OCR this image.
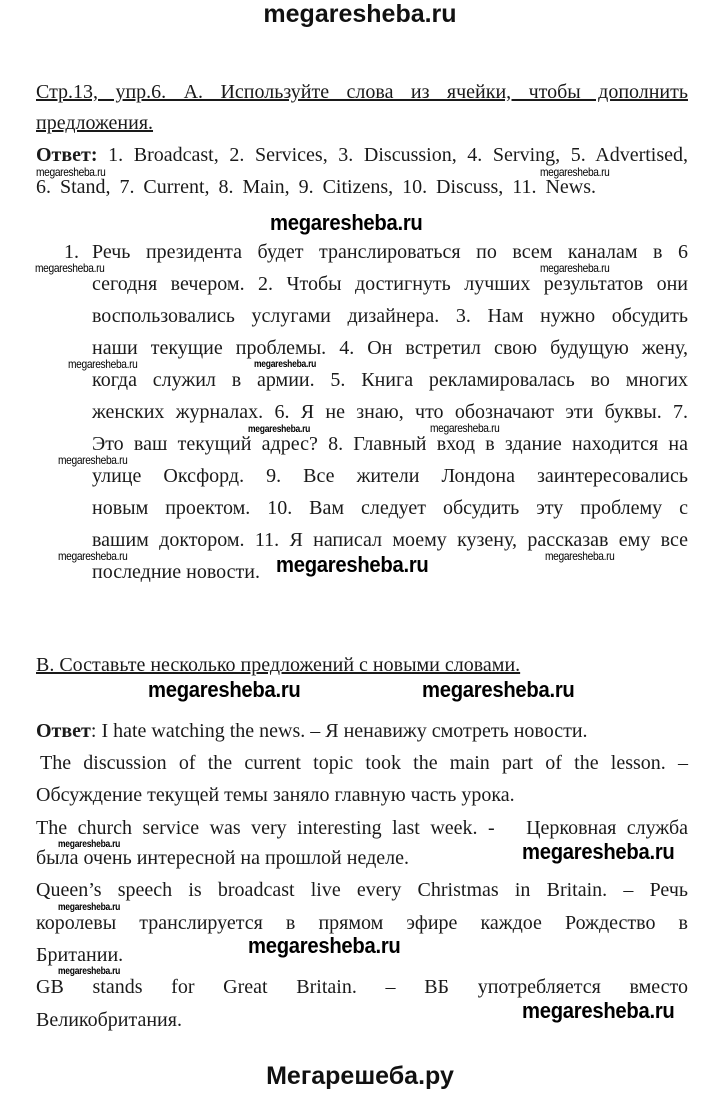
megaresheba.ru
Стр.13, упр.6. А. Используйте слова из ячейки, чтобы дополнить
предложения.
Ответ: 1. Broadcast, 2. Services, 3. Discussion, 4. Serving, 5. Advertised,
6. Stand, 7. Current, 8. Main, 9. Citizens, 10. Discuss, 11. News.
1. Речь президента будет транслироваться по всем каналам в 6
сегодня вечером. 2. Чтобы достигнуть лучших результатов они
воспользовались услугами дизайнера. 3. Нам нужно обсудить
наши текущие проблемы. 4. Он встретил свою будущую жену,
когда служил в армии. 5. Книга рекламировалась во многих
женских журналах. 6. Я не знаю, что обозначают эти буквы. 7.
Это ваш текущий адрес? 8. Главный вход в здание находится на
улице Оксфорд. 9. Все жители Лондона заинтересовались
новым проектом. 10. Вам следует обсудить эту проблему с
вашим доктором. 11. Я написал моему кузену, рассказав ему все
последние новости.
B. Составьте несколько предложений с новыми словами.
Ответ: I hate watching the news. – Я ненавижу смотреть новости.
The discussion of the current topic took the main part of the lesson. –
Обсуждение текущей темы заняло главную часть урока.
The church service was very interesting last week. -   Церковная служба
была очень интересной на прошлой неделе.
Queen’s speech is broadcast live every Christmas in Britain. – Речь
королевы транслируется в прямом эфире каждое Рождество в
Британии.
GB stands for Great Britain. – ВБ употребляется вместо
Великобритания.
megaresheba.ru	megaresheba.ru
megaresheba.ru
megaresheba.ru	megaresheba.ru
megaresheba.ru	megaresheba.ru
megaresheba.ru	megaresheba.ru
megaresheba.ru
megaresheba.ru	megaresheba.ru	megaresheba.ru
megaresheba.ru	megaresheba.ru
megaresheba.ru	megaresheba.ru
megaresheba.ru
megaresheba.ru
megaresheba.ru
megaresheba.ru
Мегарешеба.ру
